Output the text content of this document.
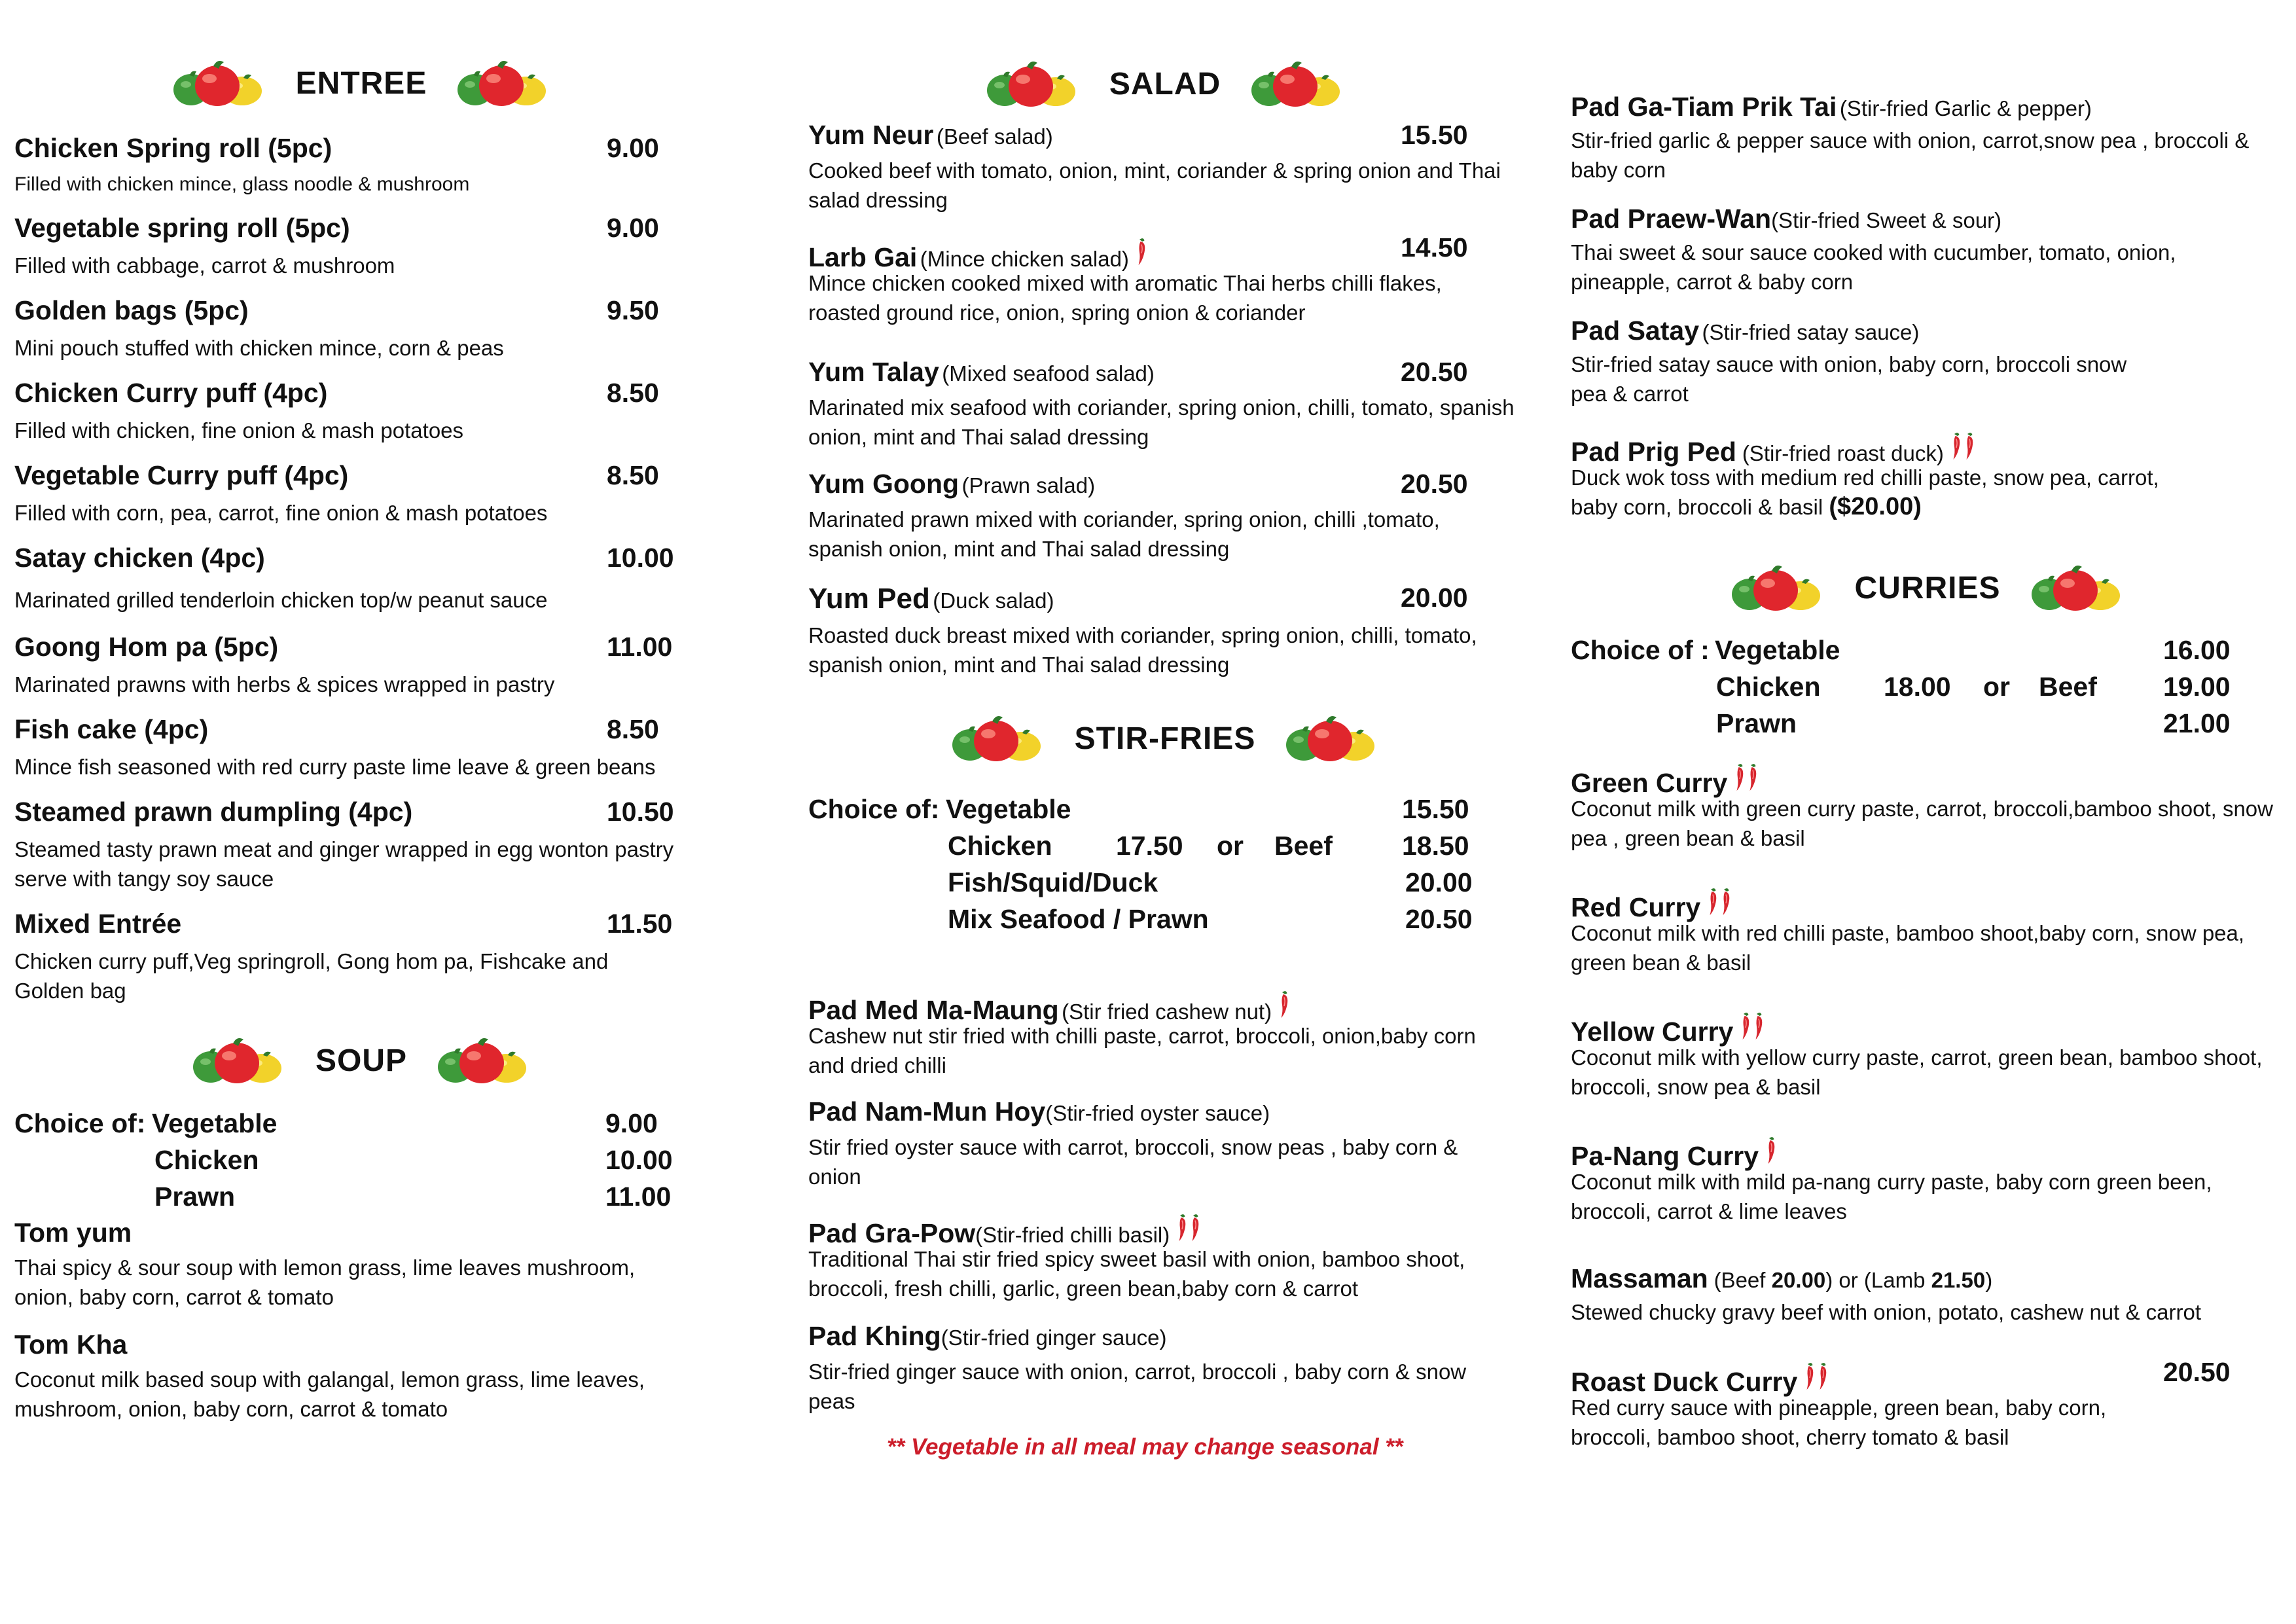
ENTREE
Chicken Spring roll (5pc)	9.00
Filled with chicken mince, glass noodle & mushroom
Vegetable spring roll (5pc)	9.00
Filled with cabbage, carrot & mushroom
Golden bags (5pc)	9.50
Mini pouch stuffed with chicken mince, corn & peas
Chicken Curry puff (4pc)	8.50
Filled with chicken, fine onion & mash potatoes
Vegetable Curry puff (4pc)	8.50
Filled with corn, pea, carrot, fine onion & mash potatoes
Satay chicken (4pc)	10.00
Marinated grilled tenderloin chicken top/w peanut sauce
Goong Hom pa (5pc)	11.00
Marinated prawns with herbs & spices wrapped in pastry
Fish cake (4pc)	8.50
Mince fish seasoned with red curry paste lime leave & green beans
Steamed prawn dumpling (4pc)	10.50
Steamed tasty prawn meat and ginger wrapped in egg wonton pastry serve with tangy soy sauce
Mixed Entrée	11.50
Chicken curry puff,Veg springroll, Gong hom pa, Fishcake and Golden bag
SOUP
Choice of: Vegetable	9.00
Chicken	10.00
Prawn	11.00
Tom yum
Thai spicy & sour soup with lemon grass, lime leaves mushroom, onion, baby corn, carrot & tomato
Tom Kha
Coconut milk based soup with galangal, lemon grass, lime leaves, mushroom, onion, baby corn, carrot & tomato
SALAD
Yum Neur (Beef salad)	15.50
Cooked beef with tomato, onion, mint, coriander & spring onion and Thai salad dressing
Larb Gai (Mince chicken salad)	14.50
Mince chicken cooked mixed with aromatic Thai herbs chilli flakes, roasted ground rice, onion, spring onion & coriander
Yum Talay (Mixed seafood salad)	20.50
Marinated mix seafood with coriander, spring onion, chilli, tomato, spanish onion, mint and Thai salad dressing
Yum Goong (Prawn salad)	20.50
Marinated prawn mixed with coriander, spring onion, chilli ,tomato, spanish onion, mint and Thai salad dressing
Yum Ped (Duck salad)	20.00
Roasted duck breast mixed with coriander, spring onion, chilli, tomato, spanish onion, mint and Thai salad dressing
STIR-FRIES
Choice of: Vegetable	15.50
Chicken 17.50 or Beef	18.50
Fish/Squid/Duck	20.00
Mix Seafood / Prawn	20.50
Pad Med Ma-Maung (Stir fried cashew nut)
Cashew nut stir fried with chilli paste, carrot, broccoli, onion,baby corn and dried chilli
Pad Nam-Mun Hoy(Stir-fried oyster sauce)
Stir fried oyster sauce with carrot, broccoli, snow peas , baby corn & onion
Pad Gra-Pow(Stir-fried chilli basil)
Traditional Thai stir fried spicy sweet basil with onion, bamboo shoot, broccoli, fresh chilli, garlic, green bean,baby corn & carrot
Pad Khing(Stir-fried ginger sauce)
Stir-fried ginger sauce with onion, carrot, broccoli , baby corn & snow peas
** Vegetable in all meal may change seasonal **
Pad Ga-Tiam Prik Tai (Stir-fried Garlic & pepper)
Stir-fried garlic & pepper sauce with onion, carrot,snow pea , broccoli & baby corn
Pad Praew-Wan(Stir-fried Sweet & sour)
Thai sweet & sour sauce cooked with cucumber, tomato, onion, pineapple, carrot & baby corn
Pad Satay (Stir-fried satay sauce)
Stir-fried satay sauce with onion, baby corn, broccoli snow pea & carrot
Pad Prig Ped (Stir-fried roast duck)
Duck wok toss with medium red chilli paste, snow pea, carrot, baby corn, broccoli & basil ($20.00)
CURRIES
Choice of : Vegetable	16.00
Chicken 18.00 or Beef 19.00
Prawn	21.00
Green Curry
Coconut milk with green curry paste, carrot, broccoli,bamboo shoot, snow pea , green bean & basil
Red Curry
Coconut milk with red chilli paste, bamboo shoot,baby corn, snow pea, green bean & basil
Yellow Curry
Coconut milk with yellow curry paste, carrot, green bean, bamboo shoot, broccoli, snow pea & basil
Pa-Nang Curry
Coconut milk with mild pa-nang curry paste, baby corn green been, broccoli, carrot & lime leaves
Massaman (Beef 20.00) or (Lamb 21.50)
Stewed chucky gravy beef with onion, potato, cashew nut & carrot
Roast Duck Curry	20.50
Red curry sauce with pineapple, green bean, baby corn, broccoli, bamboo shoot, cherry tomato & basil
